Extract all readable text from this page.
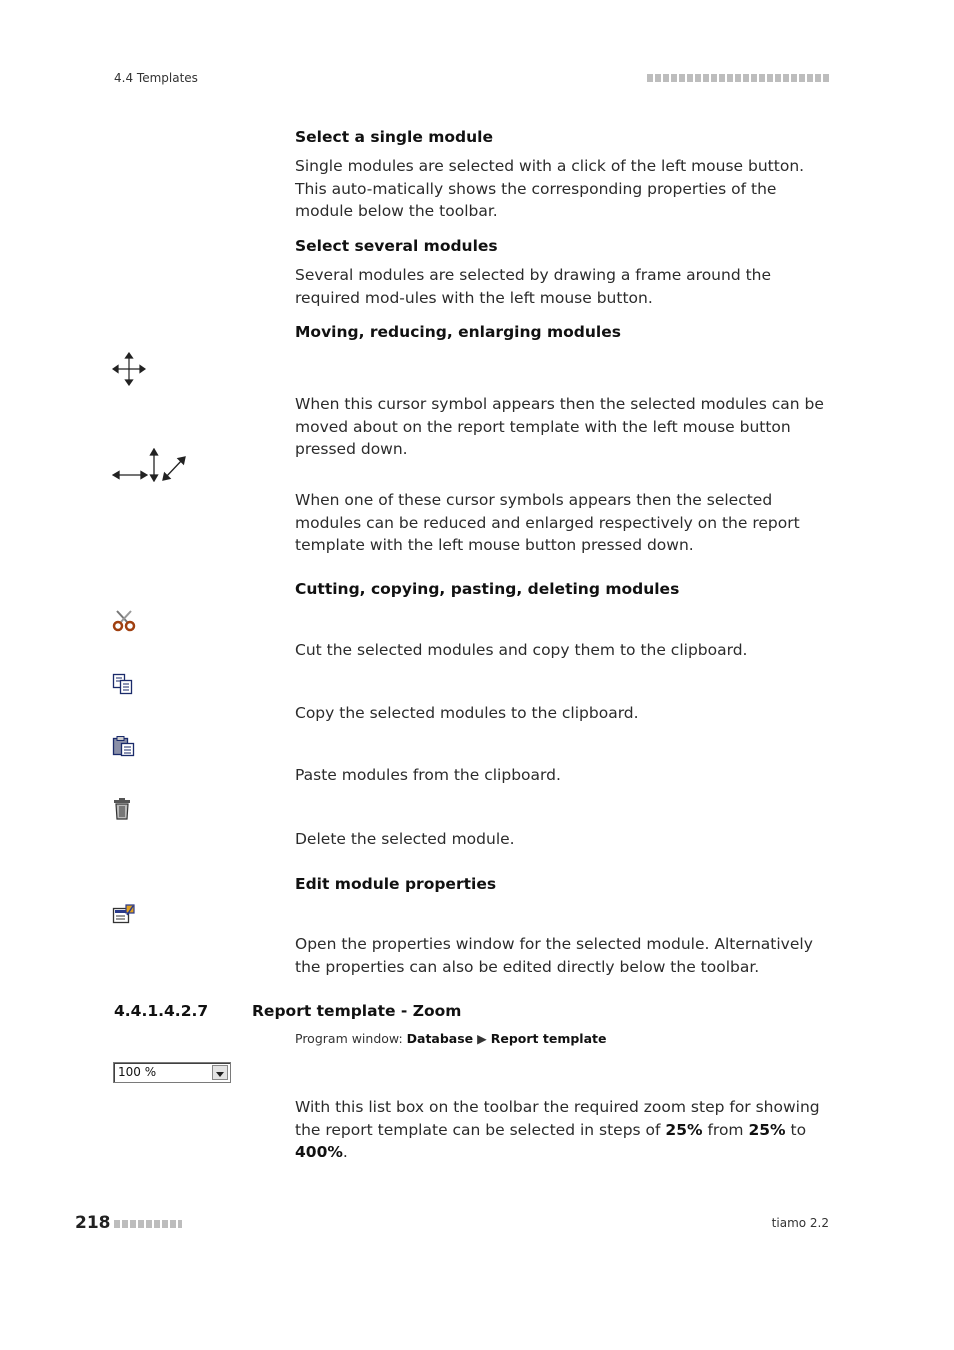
4.4 Templates
Select a single module
Single modules are selected with a click of the left mouse button. This auto-matically shows the corresponding properties of the module below the toolbar.
Select several modules
Several modules are selected by drawing a frame around the required mod-ules with the left mouse button.
Moving, reducing, enlarging modules
When this cursor symbol appears then the selected modules can be moved about on the report template with the left mouse button pressed down.
When one of these cursor symbols appears then the selected modules can be reduced and enlarged respectively on the report template with the left mouse button pressed down.
Cutting, copying, pasting, deleting modules
Cut the selected modules and copy them to the clipboard.
Copy the selected modules to the clipboard.
Paste modules from the clipboard.
Delete the selected module.
Edit module properties
Open the properties window for the selected module. Alternatively the properties can also be edited directly below the toolbar.
4.4.1.4.2.7	Report template - Zoom
Program window: Database ▶ Report template
100 %
With this list box on the toolbar the required zoom step for showing the report template can be selected in steps of 25% from 25% to 400%.
218	tiamo 2.2
